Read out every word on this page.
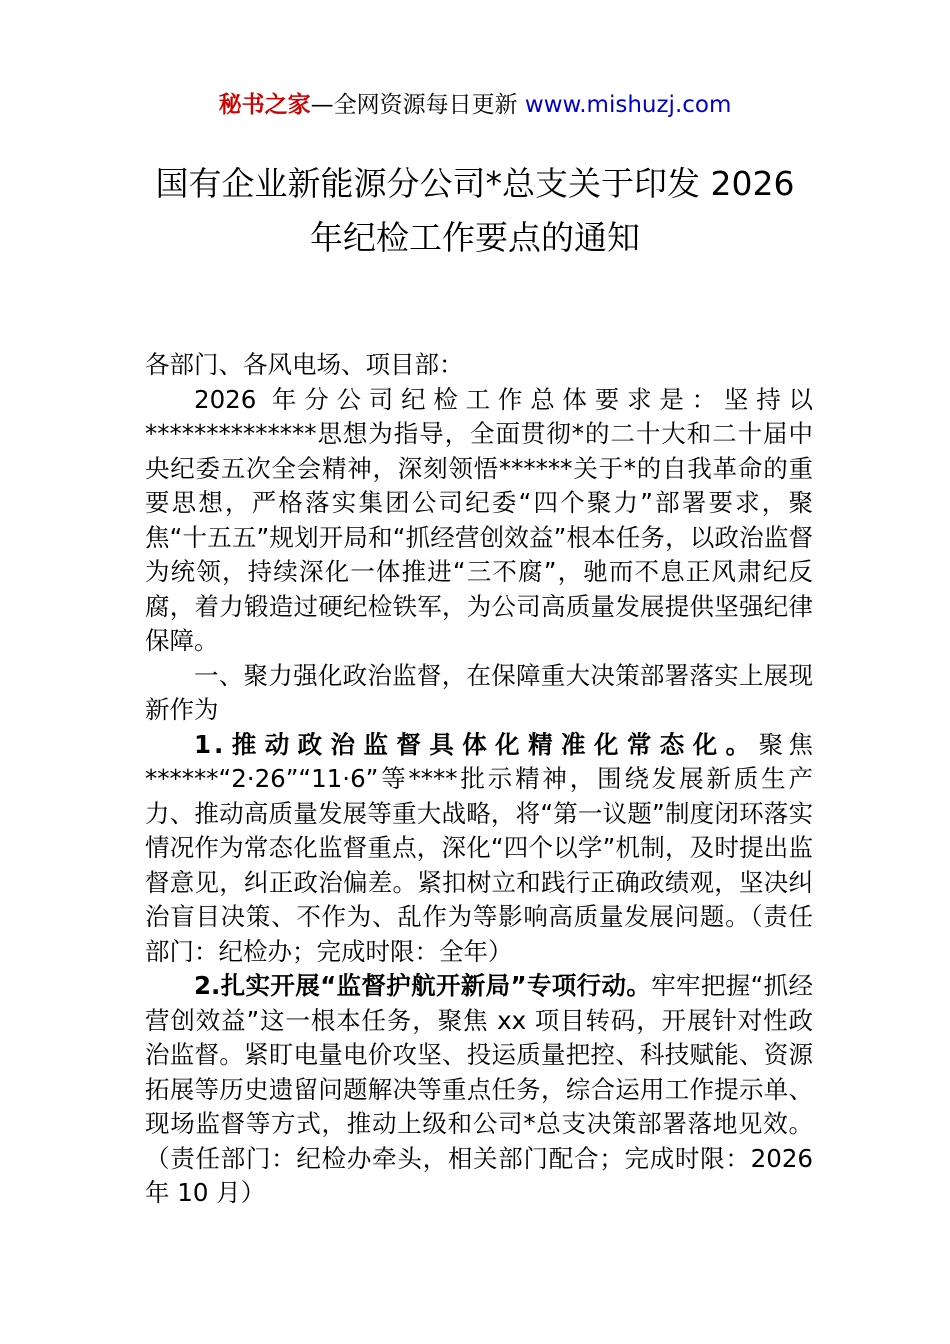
秘书之家—全网资源每日更新 www.mishuzj.com
国有企业新能源分公司*总支关于印发 2026
年纪检工作要点的通知

各部门、各风电场、项目部：

2026 年分公司纪检工作总体要求是：坚持以**************思想为指导，全面贯彻*的二十大和二十届中央纪委五次全会精神，深刻领悟******关于*的自我革命的重要思想，严格落实集团公司纪委“四个聚力”部署要求，聚焦“十五五”规划开局和“抓经营创效益”根本任务，以政治监督为统领，持续深化一体推进“三不腐”，驰而不息正风肃纪反腐，着力锻造过硬纪检铁军，为公司高质量发展提供坚强纪律保障。

一、聚力强化政治监督，在保障重大决策部署落实上展现新作为

1.推动政治监督具体化精准化常态化。聚焦******“2·26”“11·6”等****批示精神，围绕发展新质生产力、推动高质量发展等重大战略，将“第一议题”制度闭环落实情况作为常态化监督重点，深化“四个以学”机制，及时提出监督意见，纠正政治偏差。紧扣树立和践行正确政绩观，坚决纠治盲目决策、不作为、乱作为等影响高质量发展问题。（责任部门：纪检办；完成时限：全年）

2.扎实开展“监督护航开新局”专项行动。牢牢把握“抓经营创效益”这一根本任务，聚焦 xx 项目转码，开展针对性政治监督。紧盯电量电价攻坚、投运质量把控、科技赋能、资源拓展等历史遗留问题解决等重点任务，综合运用工作提示单、现场监督等方式，推动上级和公司*总支决策部署落地见效。（责任部门：纪检办牵头，相关部门配合；完成时限：2026 年 10 月）
